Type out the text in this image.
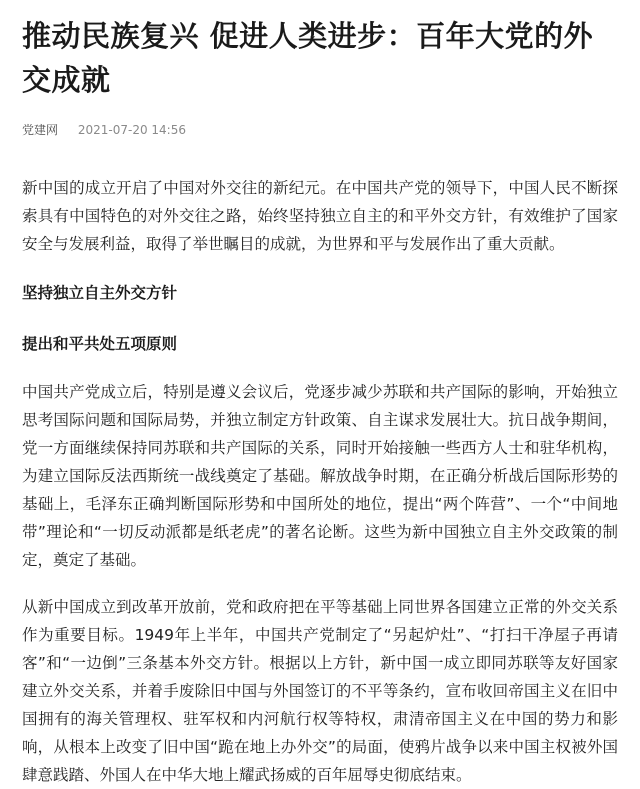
推动民族复兴 促进人类进步：百年大党的外交成就
党建网 2021-07-20 14:56

新中国的成立开启了中国对外交往的新纪元。在中国共产党的领导下，中国人民不断探索具有中国特色的对外交往之路，始终坚持独立自主的和平外交方针，有效维护了国家安全与发展利益，取得了举世瞩目的成就，为世界和平与发展作出了重大贡献。

坚持独立自主外交方针
提出和平共处五项原则

中国共产党成立后，特别是遵义会议后，党逐步减少苏联和共产国际的影响，开始独立思考国际问题和国际局势，并独立制定方针政策、自主谋求发展壮大。抗日战争期间，党一方面继续保持同苏联和共产国际的关系，同时开始接触一些西方人士和驻华机构，为建立国际反法西斯统一战线奠定了基础。解放战争时期，在正确分析战后国际形势的基础上，毛泽东正确判断国际形势和中国所处的地位，提出“两个阵营”、一个“中间地带”理论和“一切反动派都是纸老虎”的著名论断。这些为新中国独立自主外交政策的制定，奠定了基础。

从新中国成立到改革开放前，党和政府把在平等基础上同世界各国建立正常的外交关系作为重要目标。1949年上半年，中国共产党制定了“另起炉灶”、“打扫干净屋子再请客”和“一边倒”三条基本外交方针。根据以上方针，新中国一成立即同苏联等友好国家建立外交关系，并着手废除旧中国与外国签订的不平等条约，宣布收回帝国主义在旧中国拥有的海关管理权、驻军权和内河航行权等特权，肃清帝国主义在中国的势力和影响，从根本上改变了旧中国“跪在地上办外交”的局面，使鸦片战争以来中国主权被外国肆意践踏、外国人在中华大地上耀武扬威的百年屈辱史彻底结束。
